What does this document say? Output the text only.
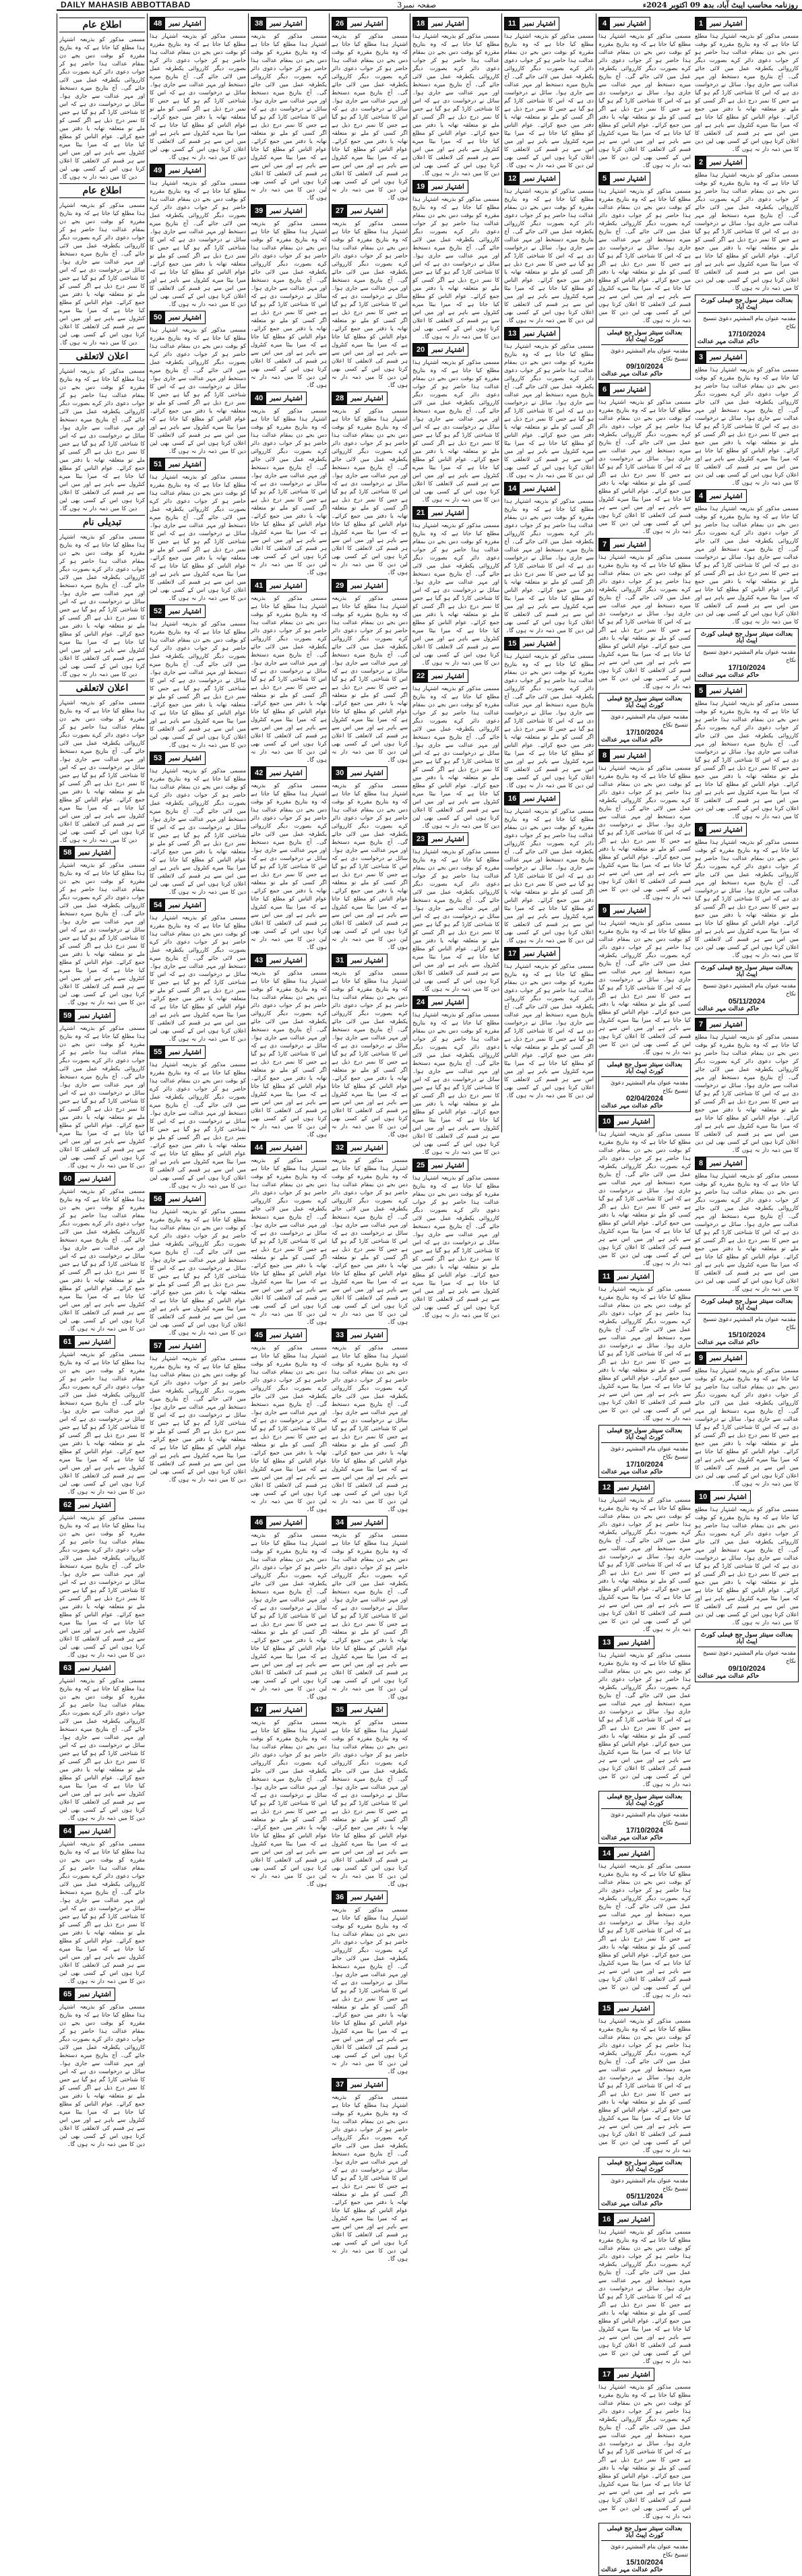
DAILY MAHASIB ABBOTTABAD	صفحہ نمبر3	روزنامہ محاسب ایبٹ آباد، بدھ 09 اکتوبر 2024ء
اشتہار نمبر
1
مسمی مذکور کو بذریعہ اشتہار ہذا مطلع کیا جاتا ہے کہ وہ بتاریخ مقررہ کو بوقت دس بجے دن بمقام عدالت ہذا حاضر ہو کر جواب دعوی دائر کرے بصورت دیگر کارروائی یکطرفہ عمل میں لائی جائے گی۔ آج بتاریخ میرے دستخط اور مہر عدالت سے جاری ہوا۔ سائل نے درخواست دی ہے کہ اس کا شناختی کارڈ گم ہو گیا ہے جس کا نمبر درج ذیل ہے اگر کسی کو ملے تو متعلقہ تھانہ یا دفتر میں جمع کرائے۔ عوام الناس کو مطلع کیا جاتا ہے کہ میرا بیٹا میرے کنٹرول سے باہر ہے اور میں اس سے ہر قسم کی لاتعلقی کا اعلان کرتا ہوں اس کے کسی بھی لین دین کا میں ذمہ دار نہ ہوں گا۔
اشتہار نمبر
2
مسمی مذکور کو بذریعہ اشتہار ہذا مطلع کیا جاتا ہے کہ وہ بتاریخ مقررہ کو بوقت دس بجے دن بمقام عدالت ہذا حاضر ہو کر جواب دعوی دائر کرے بصورت دیگر کارروائی یکطرفہ عمل میں لائی جائے گی۔ آج بتاریخ میرے دستخط اور مہر عدالت سے جاری ہوا۔ سائل نے درخواست دی ہے کہ اس کا شناختی کارڈ گم ہو گیا ہے جس کا نمبر درج ذیل ہے اگر کسی کو ملے تو متعلقہ تھانہ یا دفتر میں جمع کرائے۔ عوام الناس کو مطلع کیا جاتا ہے کہ میرا بیٹا میرے کنٹرول سے باہر ہے اور میں اس سے ہر قسم کی لاتعلقی کا اعلان کرتا ہوں اس کے کسی بھی لین دین کا میں ذمہ دار نہ ہوں گا۔
بعدالت سینئر سول جج فیملی کورٹ ایبٹ آباد
مقدمہ عنوان بنام المشتہر دعویٰ تنسیخ نکاح
17/10/2024
حاکم عدالت مہر عدالت
اشتہار نمبر
3
مسمی مذکور کو بذریعہ اشتہار ہذا مطلع کیا جاتا ہے کہ وہ بتاریخ مقررہ کو بوقت دس بجے دن بمقام عدالت ہذا حاضر ہو کر جواب دعوی دائر کرے بصورت دیگر کارروائی یکطرفہ عمل میں لائی جائے گی۔ آج بتاریخ میرے دستخط اور مہر عدالت سے جاری ہوا۔ سائل نے درخواست دی ہے کہ اس کا شناختی کارڈ گم ہو گیا ہے جس کا نمبر درج ذیل ہے اگر کسی کو ملے تو متعلقہ تھانہ یا دفتر میں جمع کرائے۔ عوام الناس کو مطلع کیا جاتا ہے کہ میرا بیٹا میرے کنٹرول سے باہر ہے اور میں اس سے ہر قسم کی لاتعلقی کا اعلان کرتا ہوں اس کے کسی بھی لین دین کا میں ذمہ دار نہ ہوں گا۔
اشتہار نمبر
4
مسمی مذکور کو بذریعہ اشتہار ہذا مطلع کیا جاتا ہے کہ وہ بتاریخ مقررہ کو بوقت دس بجے دن بمقام عدالت ہذا حاضر ہو کر جواب دعوی دائر کرے بصورت دیگر کارروائی یکطرفہ عمل میں لائی جائے گی۔ آج بتاریخ میرے دستخط اور مہر عدالت سے جاری ہوا۔ سائل نے درخواست دی ہے کہ اس کا شناختی کارڈ گم ہو گیا ہے جس کا نمبر درج ذیل ہے اگر کسی کو ملے تو متعلقہ تھانہ یا دفتر میں جمع کرائے۔ عوام الناس کو مطلع کیا جاتا ہے کہ میرا بیٹا میرے کنٹرول سے باہر ہے اور میں اس سے ہر قسم کی لاتعلقی کا اعلان کرتا ہوں اس کے کسی بھی لین دین کا میں ذمہ دار نہ ہوں گا۔
بعدالت سینئر سول جج فیملی کورٹ ایبٹ آباد
مقدمہ عنوان بنام المشتہر دعویٰ تنسیخ نکاح
17/10/2024
حاکم عدالت مہر عدالت
اشتہار نمبر
5
مسمی مذکور کو بذریعہ اشتہار ہذا مطلع کیا جاتا ہے کہ وہ بتاریخ مقررہ کو بوقت دس بجے دن بمقام عدالت ہذا حاضر ہو کر جواب دعوی دائر کرے بصورت دیگر کارروائی یکطرفہ عمل میں لائی جائے گی۔ آج بتاریخ میرے دستخط اور مہر عدالت سے جاری ہوا۔ سائل نے درخواست دی ہے کہ اس کا شناختی کارڈ گم ہو گیا ہے جس کا نمبر درج ذیل ہے اگر کسی کو ملے تو متعلقہ تھانہ یا دفتر میں جمع کرائے۔ عوام الناس کو مطلع کیا جاتا ہے کہ میرا بیٹا میرے کنٹرول سے باہر ہے اور میں اس سے ہر قسم کی لاتعلقی کا اعلان کرتا ہوں اس کے کسی بھی لین دین کا میں ذمہ دار نہ ہوں گا۔
اشتہار نمبر
6
مسمی مذکور کو بذریعہ اشتہار ہذا مطلع کیا جاتا ہے کہ وہ بتاریخ مقررہ کو بوقت دس بجے دن بمقام عدالت ہذا حاضر ہو کر جواب دعوی دائر کرے بصورت دیگر کارروائی یکطرفہ عمل میں لائی جائے گی۔ آج بتاریخ میرے دستخط اور مہر عدالت سے جاری ہوا۔ سائل نے درخواست دی ہے کہ اس کا شناختی کارڈ گم ہو گیا ہے جس کا نمبر درج ذیل ہے اگر کسی کو ملے تو متعلقہ تھانہ یا دفتر میں جمع کرائے۔ عوام الناس کو مطلع کیا جاتا ہے کہ میرا بیٹا میرے کنٹرول سے باہر ہے اور میں اس سے ہر قسم کی لاتعلقی کا اعلان کرتا ہوں اس کے کسی بھی لین دین کا میں ذمہ دار نہ ہوں گا۔
بعدالت سینئر سول جج فیملی کورٹ ایبٹ آباد
مقدمہ عنوان بنام المشتہر دعویٰ تنسیخ نکاح
05/11/2024
حاکم عدالت مہر عدالت
اشتہار نمبر
7
مسمی مذکور کو بذریعہ اشتہار ہذا مطلع کیا جاتا ہے کہ وہ بتاریخ مقررہ کو بوقت دس بجے دن بمقام عدالت ہذا حاضر ہو کر جواب دعوی دائر کرے بصورت دیگر کارروائی یکطرفہ عمل میں لائی جائے گی۔ آج بتاریخ میرے دستخط اور مہر عدالت سے جاری ہوا۔ سائل نے درخواست دی ہے کہ اس کا شناختی کارڈ گم ہو گیا ہے جس کا نمبر درج ذیل ہے اگر کسی کو ملے تو متعلقہ تھانہ یا دفتر میں جمع کرائے۔ عوام الناس کو مطلع کیا جاتا ہے کہ میرا بیٹا میرے کنٹرول سے باہر ہے اور میں اس سے ہر قسم کی لاتعلقی کا اعلان کرتا ہوں اس کے کسی بھی لین دین کا میں ذمہ دار نہ ہوں گا۔
اشتہار نمبر
8
مسمی مذکور کو بذریعہ اشتہار ہذا مطلع کیا جاتا ہے کہ وہ بتاریخ مقررہ کو بوقت دس بجے دن بمقام عدالت ہذا حاضر ہو کر جواب دعوی دائر کرے بصورت دیگر کارروائی یکطرفہ عمل میں لائی جائے گی۔ آج بتاریخ میرے دستخط اور مہر عدالت سے جاری ہوا۔ سائل نے درخواست دی ہے کہ اس کا شناختی کارڈ گم ہو گیا ہے جس کا نمبر درج ذیل ہے اگر کسی کو ملے تو متعلقہ تھانہ یا دفتر میں جمع کرائے۔ عوام الناس کو مطلع کیا جاتا ہے کہ میرا بیٹا میرے کنٹرول سے باہر ہے اور میں اس سے ہر قسم کی لاتعلقی کا اعلان کرتا ہوں اس کے کسی بھی لین دین کا میں ذمہ دار نہ ہوں گا۔
بعدالت سینئر سول جج فیملی کورٹ ایبٹ آباد
مقدمہ عنوان بنام المشتہر دعویٰ تنسیخ نکاح
15/10/2024
حاکم عدالت مہر عدالت
اشتہار نمبر
9
مسمی مذکور کو بذریعہ اشتہار ہذا مطلع کیا جاتا ہے کہ وہ بتاریخ مقررہ کو بوقت دس بجے دن بمقام عدالت ہذا حاضر ہو کر جواب دعوی دائر کرے بصورت دیگر کارروائی یکطرفہ عمل میں لائی جائے گی۔ آج بتاریخ میرے دستخط اور مہر عدالت سے جاری ہوا۔ سائل نے درخواست دی ہے کہ اس کا شناختی کارڈ گم ہو گیا ہے جس کا نمبر درج ذیل ہے اگر کسی کو ملے تو متعلقہ تھانہ یا دفتر میں جمع کرائے۔ عوام الناس کو مطلع کیا جاتا ہے کہ میرا بیٹا میرے کنٹرول سے باہر ہے اور میں اس سے ہر قسم کی لاتعلقی کا اعلان کرتا ہوں اس کے کسی بھی لین دین کا میں ذمہ دار نہ ہوں گا۔
اشتہار نمبر
10
مسمی مذکور کو بذریعہ اشتہار ہذا مطلع کیا جاتا ہے کہ وہ بتاریخ مقررہ کو بوقت دس بجے دن بمقام عدالت ہذا حاضر ہو کر جواب دعوی دائر کرے بصورت دیگر کارروائی یکطرفہ عمل میں لائی جائے گی۔ آج بتاریخ میرے دستخط اور مہر عدالت سے جاری ہوا۔ سائل نے درخواست دی ہے کہ اس کا شناختی کارڈ گم ہو گیا ہے جس کا نمبر درج ذیل ہے اگر کسی کو ملے تو متعلقہ تھانہ یا دفتر میں جمع کرائے۔ عوام الناس کو مطلع کیا جاتا ہے کہ میرا بیٹا میرے کنٹرول سے باہر ہے اور میں اس سے ہر قسم کی لاتعلقی کا اعلان کرتا ہوں اس کے کسی بھی لین دین کا میں ذمہ دار نہ ہوں گا۔
بعدالت سینئر سول جج فیملی کورٹ ایبٹ آباد
مقدمہ عنوان بنام المشتہر دعویٰ تنسیخ نکاح
09/10/2024
حاکم عدالت مہر عدالت
اشتہار نمبر
4
مسمی مذکور کو بذریعہ اشتہار ہذا مطلع کیا جاتا ہے کہ وہ بتاریخ مقررہ کو بوقت دس بجے دن بمقام عدالت ہذا حاضر ہو کر جواب دعوی دائر کرے بصورت دیگر کارروائی یکطرفہ عمل میں لائی جائے گی۔ آج بتاریخ میرے دستخط اور مہر عدالت سے جاری ہوا۔ سائل نے درخواست دی ہے کہ اس کا شناختی کارڈ گم ہو گیا ہے جس کا نمبر درج ذیل ہے اگر کسی کو ملے تو متعلقہ تھانہ یا دفتر میں جمع کرائے۔ عوام الناس کو مطلع کیا جاتا ہے کہ میرا بیٹا میرے کنٹرول سے باہر ہے اور میں اس سے ہر قسم کی لاتعلقی کا اعلان کرتا ہوں اس کے کسی بھی لین دین کا میں ذمہ دار نہ ہوں گا۔
اشتہار نمبر
5
مسمی مذکور کو بذریعہ اشتہار ہذا مطلع کیا جاتا ہے کہ وہ بتاریخ مقررہ کو بوقت دس بجے دن بمقام عدالت ہذا حاضر ہو کر جواب دعوی دائر کرے بصورت دیگر کارروائی یکطرفہ عمل میں لائی جائے گی۔ آج بتاریخ میرے دستخط اور مہر عدالت سے جاری ہوا۔ سائل نے درخواست دی ہے کہ اس کا شناختی کارڈ گم ہو گیا ہے جس کا نمبر درج ذیل ہے اگر کسی کو ملے تو متعلقہ تھانہ یا دفتر میں جمع کرائے۔ عوام الناس کو مطلع کیا جاتا ہے کہ میرا بیٹا میرے کنٹرول سے باہر ہے اور میں اس سے ہر قسم کی لاتعلقی کا اعلان کرتا ہوں اس کے کسی بھی لین دین کا میں ذمہ دار نہ ہوں گا۔
بعدالت سینئر سول جج فیملی کورٹ ایبٹ آباد
مقدمہ عنوان بنام المشتہر دعویٰ تنسیخ نکاح
09/10/2024
حاکم عدالت مہر عدالت
اشتہار نمبر
6
مسمی مذکور کو بذریعہ اشتہار ہذا مطلع کیا جاتا ہے کہ وہ بتاریخ مقررہ کو بوقت دس بجے دن بمقام عدالت ہذا حاضر ہو کر جواب دعوی دائر کرے بصورت دیگر کارروائی یکطرفہ عمل میں لائی جائے گی۔ آج بتاریخ میرے دستخط اور مہر عدالت سے جاری ہوا۔ سائل نے درخواست دی ہے کہ اس کا شناختی کارڈ گم ہو گیا ہے جس کا نمبر درج ذیل ہے اگر کسی کو ملے تو متعلقہ تھانہ یا دفتر میں جمع کرائے۔ عوام الناس کو مطلع کیا جاتا ہے کہ میرا بیٹا میرے کنٹرول سے باہر ہے اور میں اس سے ہر قسم کی لاتعلقی کا اعلان کرتا ہوں اس کے کسی بھی لین دین کا میں ذمہ دار نہ ہوں گا۔
اشتہار نمبر
7
مسمی مذکور کو بذریعہ اشتہار ہذا مطلع کیا جاتا ہے کہ وہ بتاریخ مقررہ کو بوقت دس بجے دن بمقام عدالت ہذا حاضر ہو کر جواب دعوی دائر کرے بصورت دیگر کارروائی یکطرفہ عمل میں لائی جائے گی۔ آج بتاریخ میرے دستخط اور مہر عدالت سے جاری ہوا۔ سائل نے درخواست دی ہے کہ اس کا شناختی کارڈ گم ہو گیا ہے جس کا نمبر درج ذیل ہے اگر کسی کو ملے تو متعلقہ تھانہ یا دفتر میں جمع کرائے۔ عوام الناس کو مطلع کیا جاتا ہے کہ میرا بیٹا میرے کنٹرول سے باہر ہے اور میں اس سے ہر قسم کی لاتعلقی کا اعلان کرتا ہوں اس کے کسی بھی لین دین کا میں ذمہ دار نہ ہوں گا۔
بعدالت سینئر سول جج فیملی کورٹ ایبٹ آباد
مقدمہ عنوان بنام المشتہر دعویٰ تنسیخ نکاح
17/10/2024
حاکم عدالت مہر عدالت
اشتہار نمبر
8
مسمی مذکور کو بذریعہ اشتہار ہذا مطلع کیا جاتا ہے کہ وہ بتاریخ مقررہ کو بوقت دس بجے دن بمقام عدالت ہذا حاضر ہو کر جواب دعوی دائر کرے بصورت دیگر کارروائی یکطرفہ عمل میں لائی جائے گی۔ آج بتاریخ میرے دستخط اور مہر عدالت سے جاری ہوا۔ سائل نے درخواست دی ہے کہ اس کا شناختی کارڈ گم ہو گیا ہے جس کا نمبر درج ذیل ہے اگر کسی کو ملے تو متعلقہ تھانہ یا دفتر میں جمع کرائے۔ عوام الناس کو مطلع کیا جاتا ہے کہ میرا بیٹا میرے کنٹرول سے باہر ہے اور میں اس سے ہر قسم کی لاتعلقی کا اعلان کرتا ہوں اس کے کسی بھی لین دین کا میں ذمہ دار نہ ہوں گا۔
اشتہار نمبر
9
مسمی مذکور کو بذریعہ اشتہار ہذا مطلع کیا جاتا ہے کہ وہ بتاریخ مقررہ کو بوقت دس بجے دن بمقام عدالت ہذا حاضر ہو کر جواب دعوی دائر کرے بصورت دیگر کارروائی یکطرفہ عمل میں لائی جائے گی۔ آج بتاریخ میرے دستخط اور مہر عدالت سے جاری ہوا۔ سائل نے درخواست دی ہے کہ اس کا شناختی کارڈ گم ہو گیا ہے جس کا نمبر درج ذیل ہے اگر کسی کو ملے تو متعلقہ تھانہ یا دفتر میں جمع کرائے۔ عوام الناس کو مطلع کیا جاتا ہے کہ میرا بیٹا میرے کنٹرول سے باہر ہے اور میں اس سے ہر قسم کی لاتعلقی کا اعلان کرتا ہوں اس کے کسی بھی لین دین کا میں ذمہ دار نہ ہوں گا۔
بعدالت سینئر سول جج فیملی کورٹ ایبٹ آباد
مقدمہ عنوان بنام المشتہر دعویٰ تنسیخ نکاح
02/04/2024
حاکم عدالت مہر عدالت
اشتہار نمبر
10
مسمی مذکور کو بذریعہ اشتہار ہذا مطلع کیا جاتا ہے کہ وہ بتاریخ مقررہ کو بوقت دس بجے دن بمقام عدالت ہذا حاضر ہو کر جواب دعوی دائر کرے بصورت دیگر کارروائی یکطرفہ عمل میں لائی جائے گی۔ آج بتاریخ میرے دستخط اور مہر عدالت سے جاری ہوا۔ سائل نے درخواست دی ہے کہ اس کا شناختی کارڈ گم ہو گیا ہے جس کا نمبر درج ذیل ہے اگر کسی کو ملے تو متعلقہ تھانہ یا دفتر میں جمع کرائے۔ عوام الناس کو مطلع کیا جاتا ہے کہ میرا بیٹا میرے کنٹرول سے باہر ہے اور میں اس سے ہر قسم کی لاتعلقی کا اعلان کرتا ہوں اس کے کسی بھی لین دین کا میں ذمہ دار نہ ہوں گا۔
اشتہار نمبر
11
مسمی مذکور کو بذریعہ اشتہار ہذا مطلع کیا جاتا ہے کہ وہ بتاریخ مقررہ کو بوقت دس بجے دن بمقام عدالت ہذا حاضر ہو کر جواب دعوی دائر کرے بصورت دیگر کارروائی یکطرفہ عمل میں لائی جائے گی۔ آج بتاریخ میرے دستخط اور مہر عدالت سے جاری ہوا۔ سائل نے درخواست دی ہے کہ اس کا شناختی کارڈ گم ہو گیا ہے جس کا نمبر درج ذیل ہے اگر کسی کو ملے تو متعلقہ تھانہ یا دفتر میں جمع کرائے۔ عوام الناس کو مطلع کیا جاتا ہے کہ میرا بیٹا میرے کنٹرول سے باہر ہے اور میں اس سے ہر قسم کی لاتعلقی کا اعلان کرتا ہوں اس کے کسی بھی لین دین کا میں ذمہ دار نہ ہوں گا۔
بعدالت سینئر سول جج فیملی کورٹ ایبٹ آباد
مقدمہ عنوان بنام المشتہر دعویٰ تنسیخ نکاح
17/10/2024
حاکم عدالت مہر عدالت
اشتہار نمبر
12
مسمی مذکور کو بذریعہ اشتہار ہذا مطلع کیا جاتا ہے کہ وہ بتاریخ مقررہ کو بوقت دس بجے دن بمقام عدالت ہذا حاضر ہو کر جواب دعوی دائر کرے بصورت دیگر کارروائی یکطرفہ عمل میں لائی جائے گی۔ آج بتاریخ میرے دستخط اور مہر عدالت سے جاری ہوا۔ سائل نے درخواست دی ہے کہ اس کا شناختی کارڈ گم ہو گیا ہے جس کا نمبر درج ذیل ہے اگر کسی کو ملے تو متعلقہ تھانہ یا دفتر میں جمع کرائے۔ عوام الناس کو مطلع کیا جاتا ہے کہ میرا بیٹا میرے کنٹرول سے باہر ہے اور میں اس سے ہر قسم کی لاتعلقی کا اعلان کرتا ہوں اس کے کسی بھی لین دین کا میں ذمہ دار نہ ہوں گا۔
اشتہار نمبر
13
مسمی مذکور کو بذریعہ اشتہار ہذا مطلع کیا جاتا ہے کہ وہ بتاریخ مقررہ کو بوقت دس بجے دن بمقام عدالت ہذا حاضر ہو کر جواب دعوی دائر کرے بصورت دیگر کارروائی یکطرفہ عمل میں لائی جائے گی۔ آج بتاریخ میرے دستخط اور مہر عدالت سے جاری ہوا۔ سائل نے درخواست دی ہے کہ اس کا شناختی کارڈ گم ہو گیا ہے جس کا نمبر درج ذیل ہے اگر کسی کو ملے تو متعلقہ تھانہ یا دفتر میں جمع کرائے۔ عوام الناس کو مطلع کیا جاتا ہے کہ میرا بیٹا میرے کنٹرول سے باہر ہے اور میں اس سے ہر قسم کی لاتعلقی کا اعلان کرتا ہوں اس کے کسی بھی لین دین کا میں ذمہ دار نہ ہوں گا۔
بعدالت سینئر سول جج فیملی کورٹ ایبٹ آباد
مقدمہ عنوان بنام المشتہر دعویٰ تنسیخ نکاح
17/10/2024
حاکم عدالت مہر عدالت
اشتہار نمبر
14
مسمی مذکور کو بذریعہ اشتہار ہذا مطلع کیا جاتا ہے کہ وہ بتاریخ مقررہ کو بوقت دس بجے دن بمقام عدالت ہذا حاضر ہو کر جواب دعوی دائر کرے بصورت دیگر کارروائی یکطرفہ عمل میں لائی جائے گی۔ آج بتاریخ میرے دستخط اور مہر عدالت سے جاری ہوا۔ سائل نے درخواست دی ہے کہ اس کا شناختی کارڈ گم ہو گیا ہے جس کا نمبر درج ذیل ہے اگر کسی کو ملے تو متعلقہ تھانہ یا دفتر میں جمع کرائے۔ عوام الناس کو مطلع کیا جاتا ہے کہ میرا بیٹا میرے کنٹرول سے باہر ہے اور میں اس سے ہر قسم کی لاتعلقی کا اعلان کرتا ہوں اس کے کسی بھی لین دین کا میں ذمہ دار نہ ہوں گا۔
اشتہار نمبر
15
مسمی مذکور کو بذریعہ اشتہار ہذا مطلع کیا جاتا ہے کہ وہ بتاریخ مقررہ کو بوقت دس بجے دن بمقام عدالت ہذا حاضر ہو کر جواب دعوی دائر کرے بصورت دیگر کارروائی یکطرفہ عمل میں لائی جائے گی۔ آج بتاریخ میرے دستخط اور مہر عدالت سے جاری ہوا۔ سائل نے درخواست دی ہے کہ اس کا شناختی کارڈ گم ہو گیا ہے جس کا نمبر درج ذیل ہے اگر کسی کو ملے تو متعلقہ تھانہ یا دفتر میں جمع کرائے۔ عوام الناس کو مطلع کیا جاتا ہے کہ میرا بیٹا میرے کنٹرول سے باہر ہے اور میں اس سے ہر قسم کی لاتعلقی کا اعلان کرتا ہوں اس کے کسی بھی لین دین کا میں ذمہ دار نہ ہوں گا۔
بعدالت سینئر سول جج فیملی کورٹ ایبٹ آباد
مقدمہ عنوان بنام المشتہر دعویٰ تنسیخ نکاح
05/11/2024
حاکم عدالت مہر عدالت
اشتہار نمبر
16
مسمی مذکور کو بذریعہ اشتہار ہذا مطلع کیا جاتا ہے کہ وہ بتاریخ مقررہ کو بوقت دس بجے دن بمقام عدالت ہذا حاضر ہو کر جواب دعوی دائر کرے بصورت دیگر کارروائی یکطرفہ عمل میں لائی جائے گی۔ آج بتاریخ میرے دستخط اور مہر عدالت سے جاری ہوا۔ سائل نے درخواست دی ہے کہ اس کا شناختی کارڈ گم ہو گیا ہے جس کا نمبر درج ذیل ہے اگر کسی کو ملے تو متعلقہ تھانہ یا دفتر میں جمع کرائے۔ عوام الناس کو مطلع کیا جاتا ہے کہ میرا بیٹا میرے کنٹرول سے باہر ہے اور میں اس سے ہر قسم کی لاتعلقی کا اعلان کرتا ہوں اس کے کسی بھی لین دین کا میں ذمہ دار نہ ہوں گا۔
اشتہار نمبر
17
مسمی مذکور کو بذریعہ اشتہار ہذا مطلع کیا جاتا ہے کہ وہ بتاریخ مقررہ کو بوقت دس بجے دن بمقام عدالت ہذا حاضر ہو کر جواب دعوی دائر کرے بصورت دیگر کارروائی یکطرفہ عمل میں لائی جائے گی۔ آج بتاریخ میرے دستخط اور مہر عدالت سے جاری ہوا۔ سائل نے درخواست دی ہے کہ اس کا شناختی کارڈ گم ہو گیا ہے جس کا نمبر درج ذیل ہے اگر کسی کو ملے تو متعلقہ تھانہ یا دفتر میں جمع کرائے۔ عوام الناس کو مطلع کیا جاتا ہے کہ میرا بیٹا میرے کنٹرول سے باہر ہے اور میں اس سے ہر قسم کی لاتعلقی کا اعلان کرتا ہوں اس کے کسی بھی لین دین کا میں ذمہ دار نہ ہوں گا۔
بعدالت سینئر سول جج فیملی کورٹ ایبٹ آباد
مقدمہ عنوان بنام المشتہر دعویٰ تنسیخ نکاح
15/10/2024
حاکم عدالت مہر عدالت
اشتہار نمبر
11
مسمی مذکور کو بذریعہ اشتہار ہذا مطلع کیا جاتا ہے کہ وہ بتاریخ مقررہ کو بوقت دس بجے دن بمقام عدالت ہذا حاضر ہو کر جواب دعوی دائر کرے بصورت دیگر کارروائی یکطرفہ عمل میں لائی جائے گی۔ آج بتاریخ میرے دستخط اور مہر عدالت سے جاری ہوا۔ سائل نے درخواست دی ہے کہ اس کا شناختی کارڈ گم ہو گیا ہے جس کا نمبر درج ذیل ہے اگر کسی کو ملے تو متعلقہ تھانہ یا دفتر میں جمع کرائے۔ عوام الناس کو مطلع کیا جاتا ہے کہ میرا بیٹا میرے کنٹرول سے باہر ہے اور میں اس سے ہر قسم کی لاتعلقی کا اعلان کرتا ہوں اس کے کسی بھی لین دین کا میں ذمہ دار نہ ہوں گا۔
اشتہار نمبر
12
مسمی مذکور کو بذریعہ اشتہار ہذا مطلع کیا جاتا ہے کہ وہ بتاریخ مقررہ کو بوقت دس بجے دن بمقام عدالت ہذا حاضر ہو کر جواب دعوی دائر کرے بصورت دیگر کارروائی یکطرفہ عمل میں لائی جائے گی۔ آج بتاریخ میرے دستخط اور مہر عدالت سے جاری ہوا۔ سائل نے درخواست دی ہے کہ اس کا شناختی کارڈ گم ہو گیا ہے جس کا نمبر درج ذیل ہے اگر کسی کو ملے تو متعلقہ تھانہ یا دفتر میں جمع کرائے۔ عوام الناس کو مطلع کیا جاتا ہے کہ میرا بیٹا میرے کنٹرول سے باہر ہے اور میں اس سے ہر قسم کی لاتعلقی کا اعلان کرتا ہوں اس کے کسی بھی لین دین کا میں ذمہ دار نہ ہوں گا۔
اشتہار نمبر
13
مسمی مذکور کو بذریعہ اشتہار ہذا مطلع کیا جاتا ہے کہ وہ بتاریخ مقررہ کو بوقت دس بجے دن بمقام عدالت ہذا حاضر ہو کر جواب دعوی دائر کرے بصورت دیگر کارروائی یکطرفہ عمل میں لائی جائے گی۔ آج بتاریخ میرے دستخط اور مہر عدالت سے جاری ہوا۔ سائل نے درخواست دی ہے کہ اس کا شناختی کارڈ گم ہو گیا ہے جس کا نمبر درج ذیل ہے اگر کسی کو ملے تو متعلقہ تھانہ یا دفتر میں جمع کرائے۔ عوام الناس کو مطلع کیا جاتا ہے کہ میرا بیٹا میرے کنٹرول سے باہر ہے اور میں اس سے ہر قسم کی لاتعلقی کا اعلان کرتا ہوں اس کے کسی بھی لین دین کا میں ذمہ دار نہ ہوں گا۔
اشتہار نمبر
14
مسمی مذکور کو بذریعہ اشتہار ہذا مطلع کیا جاتا ہے کہ وہ بتاریخ مقررہ کو بوقت دس بجے دن بمقام عدالت ہذا حاضر ہو کر جواب دعوی دائر کرے بصورت دیگر کارروائی یکطرفہ عمل میں لائی جائے گی۔ آج بتاریخ میرے دستخط اور مہر عدالت سے جاری ہوا۔ سائل نے درخواست دی ہے کہ اس کا شناختی کارڈ گم ہو گیا ہے جس کا نمبر درج ذیل ہے اگر کسی کو ملے تو متعلقہ تھانہ یا دفتر میں جمع کرائے۔ عوام الناس کو مطلع کیا جاتا ہے کہ میرا بیٹا میرے کنٹرول سے باہر ہے اور میں اس سے ہر قسم کی لاتعلقی کا اعلان کرتا ہوں اس کے کسی بھی لین دین کا میں ذمہ دار نہ ہوں گا۔
اشتہار نمبر
15
مسمی مذکور کو بذریعہ اشتہار ہذا مطلع کیا جاتا ہے کہ وہ بتاریخ مقررہ کو بوقت دس بجے دن بمقام عدالت ہذا حاضر ہو کر جواب دعوی دائر کرے بصورت دیگر کارروائی یکطرفہ عمل میں لائی جائے گی۔ آج بتاریخ میرے دستخط اور مہر عدالت سے جاری ہوا۔ سائل نے درخواست دی ہے کہ اس کا شناختی کارڈ گم ہو گیا ہے جس کا نمبر درج ذیل ہے اگر کسی کو ملے تو متعلقہ تھانہ یا دفتر میں جمع کرائے۔ عوام الناس کو مطلع کیا جاتا ہے کہ میرا بیٹا میرے کنٹرول سے باہر ہے اور میں اس سے ہر قسم کی لاتعلقی کا اعلان کرتا ہوں اس کے کسی بھی لین دین کا میں ذمہ دار نہ ہوں گا۔
اشتہار نمبر
16
مسمی مذکور کو بذریعہ اشتہار ہذا مطلع کیا جاتا ہے کہ وہ بتاریخ مقررہ کو بوقت دس بجے دن بمقام عدالت ہذا حاضر ہو کر جواب دعوی دائر کرے بصورت دیگر کارروائی یکطرفہ عمل میں لائی جائے گی۔ آج بتاریخ میرے دستخط اور مہر عدالت سے جاری ہوا۔ سائل نے درخواست دی ہے کہ اس کا شناختی کارڈ گم ہو گیا ہے جس کا نمبر درج ذیل ہے اگر کسی کو ملے تو متعلقہ تھانہ یا دفتر میں جمع کرائے۔ عوام الناس کو مطلع کیا جاتا ہے کہ میرا بیٹا میرے کنٹرول سے باہر ہے اور میں اس سے ہر قسم کی لاتعلقی کا اعلان کرتا ہوں اس کے کسی بھی لین دین کا میں ذمہ دار نہ ہوں گا۔
اشتہار نمبر
17
مسمی مذکور کو بذریعہ اشتہار ہذا مطلع کیا جاتا ہے کہ وہ بتاریخ مقررہ کو بوقت دس بجے دن بمقام عدالت ہذا حاضر ہو کر جواب دعوی دائر کرے بصورت دیگر کارروائی یکطرفہ عمل میں لائی جائے گی۔ آج بتاریخ میرے دستخط اور مہر عدالت سے جاری ہوا۔ سائل نے درخواست دی ہے کہ اس کا شناختی کارڈ گم ہو گیا ہے جس کا نمبر درج ذیل ہے اگر کسی کو ملے تو متعلقہ تھانہ یا دفتر میں جمع کرائے۔ عوام الناس کو مطلع کیا جاتا ہے کہ میرا بیٹا میرے کنٹرول سے باہر ہے اور میں اس سے ہر قسم کی لاتعلقی کا اعلان کرتا ہوں اس کے کسی بھی لین دین کا میں ذمہ دار نہ ہوں گا۔
اشتہار نمبر
18
مسمی مذکور کو بذریعہ اشتہار ہذا مطلع کیا جاتا ہے کہ وہ بتاریخ مقررہ کو بوقت دس بجے دن بمقام عدالت ہذا حاضر ہو کر جواب دعوی دائر کرے بصورت دیگر کارروائی یکطرفہ عمل میں لائی جائے گی۔ آج بتاریخ میرے دستخط اور مہر عدالت سے جاری ہوا۔ سائل نے درخواست دی ہے کہ اس کا شناختی کارڈ گم ہو گیا ہے جس کا نمبر درج ذیل ہے اگر کسی کو ملے تو متعلقہ تھانہ یا دفتر میں جمع کرائے۔ عوام الناس کو مطلع کیا جاتا ہے کہ میرا بیٹا میرے کنٹرول سے باہر ہے اور میں اس سے ہر قسم کی لاتعلقی کا اعلان کرتا ہوں اس کے کسی بھی لین دین کا میں ذمہ دار نہ ہوں گا۔
اشتہار نمبر
19
مسمی مذکور کو بذریعہ اشتہار ہذا مطلع کیا جاتا ہے کہ وہ بتاریخ مقررہ کو بوقت دس بجے دن بمقام عدالت ہذا حاضر ہو کر جواب دعوی دائر کرے بصورت دیگر کارروائی یکطرفہ عمل میں لائی جائے گی۔ آج بتاریخ میرے دستخط اور مہر عدالت سے جاری ہوا۔ سائل نے درخواست دی ہے کہ اس کا شناختی کارڈ گم ہو گیا ہے جس کا نمبر درج ذیل ہے اگر کسی کو ملے تو متعلقہ تھانہ یا دفتر میں جمع کرائے۔ عوام الناس کو مطلع کیا جاتا ہے کہ میرا بیٹا میرے کنٹرول سے باہر ہے اور میں اس سے ہر قسم کی لاتعلقی کا اعلان کرتا ہوں اس کے کسی بھی لین دین کا میں ذمہ دار نہ ہوں گا۔
اشتہار نمبر
20
مسمی مذکور کو بذریعہ اشتہار ہذا مطلع کیا جاتا ہے کہ وہ بتاریخ مقررہ کو بوقت دس بجے دن بمقام عدالت ہذا حاضر ہو کر جواب دعوی دائر کرے بصورت دیگر کارروائی یکطرفہ عمل میں لائی جائے گی۔ آج بتاریخ میرے دستخط اور مہر عدالت سے جاری ہوا۔ سائل نے درخواست دی ہے کہ اس کا شناختی کارڈ گم ہو گیا ہے جس کا نمبر درج ذیل ہے اگر کسی کو ملے تو متعلقہ تھانہ یا دفتر میں جمع کرائے۔ عوام الناس کو مطلع کیا جاتا ہے کہ میرا بیٹا میرے کنٹرول سے باہر ہے اور میں اس سے ہر قسم کی لاتعلقی کا اعلان کرتا ہوں اس کے کسی بھی لین دین کا میں ذمہ دار نہ ہوں گا۔
اشتہار نمبر
21
مسمی مذکور کو بذریعہ اشتہار ہذا مطلع کیا جاتا ہے کہ وہ بتاریخ مقررہ کو بوقت دس بجے دن بمقام عدالت ہذا حاضر ہو کر جواب دعوی دائر کرے بصورت دیگر کارروائی یکطرفہ عمل میں لائی جائے گی۔ آج بتاریخ میرے دستخط اور مہر عدالت سے جاری ہوا۔ سائل نے درخواست دی ہے کہ اس کا شناختی کارڈ گم ہو گیا ہے جس کا نمبر درج ذیل ہے اگر کسی کو ملے تو متعلقہ تھانہ یا دفتر میں جمع کرائے۔ عوام الناس کو مطلع کیا جاتا ہے کہ میرا بیٹا میرے کنٹرول سے باہر ہے اور میں اس سے ہر قسم کی لاتعلقی کا اعلان کرتا ہوں اس کے کسی بھی لین دین کا میں ذمہ دار نہ ہوں گا۔
اشتہار نمبر
22
مسمی مذکور کو بذریعہ اشتہار ہذا مطلع کیا جاتا ہے کہ وہ بتاریخ مقررہ کو بوقت دس بجے دن بمقام عدالت ہذا حاضر ہو کر جواب دعوی دائر کرے بصورت دیگر کارروائی یکطرفہ عمل میں لائی جائے گی۔ آج بتاریخ میرے دستخط اور مہر عدالت سے جاری ہوا۔ سائل نے درخواست دی ہے کہ اس کا شناختی کارڈ گم ہو گیا ہے جس کا نمبر درج ذیل ہے اگر کسی کو ملے تو متعلقہ تھانہ یا دفتر میں جمع کرائے۔ عوام الناس کو مطلع کیا جاتا ہے کہ میرا بیٹا میرے کنٹرول سے باہر ہے اور میں اس سے ہر قسم کی لاتعلقی کا اعلان کرتا ہوں اس کے کسی بھی لین دین کا میں ذمہ دار نہ ہوں گا۔
اشتہار نمبر
23
مسمی مذکور کو بذریعہ اشتہار ہذا مطلع کیا جاتا ہے کہ وہ بتاریخ مقررہ کو بوقت دس بجے دن بمقام عدالت ہذا حاضر ہو کر جواب دعوی دائر کرے بصورت دیگر کارروائی یکطرفہ عمل میں لائی جائے گی۔ آج بتاریخ میرے دستخط اور مہر عدالت سے جاری ہوا۔ سائل نے درخواست دی ہے کہ اس کا شناختی کارڈ گم ہو گیا ہے جس کا نمبر درج ذیل ہے اگر کسی کو ملے تو متعلقہ تھانہ یا دفتر میں جمع کرائے۔ عوام الناس کو مطلع کیا جاتا ہے کہ میرا بیٹا میرے کنٹرول سے باہر ہے اور میں اس سے ہر قسم کی لاتعلقی کا اعلان کرتا ہوں اس کے کسی بھی لین دین کا میں ذمہ دار نہ ہوں گا۔
اشتہار نمبر
24
مسمی مذکور کو بذریعہ اشتہار ہذا مطلع کیا جاتا ہے کہ وہ بتاریخ مقررہ کو بوقت دس بجے دن بمقام عدالت ہذا حاضر ہو کر جواب دعوی دائر کرے بصورت دیگر کارروائی یکطرفہ عمل میں لائی جائے گی۔ آج بتاریخ میرے دستخط اور مہر عدالت سے جاری ہوا۔ سائل نے درخواست دی ہے کہ اس کا شناختی کارڈ گم ہو گیا ہے جس کا نمبر درج ذیل ہے اگر کسی کو ملے تو متعلقہ تھانہ یا دفتر میں جمع کرائے۔ عوام الناس کو مطلع کیا جاتا ہے کہ میرا بیٹا میرے کنٹرول سے باہر ہے اور میں اس سے ہر قسم کی لاتعلقی کا اعلان کرتا ہوں اس کے کسی بھی لین دین کا میں ذمہ دار نہ ہوں گا۔
اشتہار نمبر
25
مسمی مذکور کو بذریعہ اشتہار ہذا مطلع کیا جاتا ہے کہ وہ بتاریخ مقررہ کو بوقت دس بجے دن بمقام عدالت ہذا حاضر ہو کر جواب دعوی دائر کرے بصورت دیگر کارروائی یکطرفہ عمل میں لائی جائے گی۔ آج بتاریخ میرے دستخط اور مہر عدالت سے جاری ہوا۔ سائل نے درخواست دی ہے کہ اس کا شناختی کارڈ گم ہو گیا ہے جس کا نمبر درج ذیل ہے اگر کسی کو ملے تو متعلقہ تھانہ یا دفتر میں جمع کرائے۔ عوام الناس کو مطلع کیا جاتا ہے کہ میرا بیٹا میرے کنٹرول سے باہر ہے اور میں اس سے ہر قسم کی لاتعلقی کا اعلان کرتا ہوں اس کے کسی بھی لین دین کا میں ذمہ دار نہ ہوں گا۔
اشتہار نمبر
26
مسمی مذکور کو بذریعہ اشتہار ہذا مطلع کیا جاتا ہے کہ وہ بتاریخ مقررہ کو بوقت دس بجے دن بمقام عدالت ہذا حاضر ہو کر جواب دعوی دائر کرے بصورت دیگر کارروائی یکطرفہ عمل میں لائی جائے گی۔ آج بتاریخ میرے دستخط اور مہر عدالت سے جاری ہوا۔ سائل نے درخواست دی ہے کہ اس کا شناختی کارڈ گم ہو گیا ہے جس کا نمبر درج ذیل ہے اگر کسی کو ملے تو متعلقہ تھانہ یا دفتر میں جمع کرائے۔ عوام الناس کو مطلع کیا جاتا ہے کہ میرا بیٹا میرے کنٹرول سے باہر ہے اور میں اس سے ہر قسم کی لاتعلقی کا اعلان کرتا ہوں اس کے کسی بھی لین دین کا میں ذمہ دار نہ ہوں گا۔
اشتہار نمبر
27
مسمی مذکور کو بذریعہ اشتہار ہذا مطلع کیا جاتا ہے کہ وہ بتاریخ مقررہ کو بوقت دس بجے دن بمقام عدالت ہذا حاضر ہو کر جواب دعوی دائر کرے بصورت دیگر کارروائی یکطرفہ عمل میں لائی جائے گی۔ آج بتاریخ میرے دستخط اور مہر عدالت سے جاری ہوا۔ سائل نے درخواست دی ہے کہ اس کا شناختی کارڈ گم ہو گیا ہے جس کا نمبر درج ذیل ہے اگر کسی کو ملے تو متعلقہ تھانہ یا دفتر میں جمع کرائے۔ عوام الناس کو مطلع کیا جاتا ہے کہ میرا بیٹا میرے کنٹرول سے باہر ہے اور میں اس سے ہر قسم کی لاتعلقی کا اعلان کرتا ہوں اس کے کسی بھی لین دین کا میں ذمہ دار نہ ہوں گا۔
اشتہار نمبر
28
مسمی مذکور کو بذریعہ اشتہار ہذا مطلع کیا جاتا ہے کہ وہ بتاریخ مقررہ کو بوقت دس بجے دن بمقام عدالت ہذا حاضر ہو کر جواب دعوی دائر کرے بصورت دیگر کارروائی یکطرفہ عمل میں لائی جائے گی۔ آج بتاریخ میرے دستخط اور مہر عدالت سے جاری ہوا۔ سائل نے درخواست دی ہے کہ اس کا شناختی کارڈ گم ہو گیا ہے جس کا نمبر درج ذیل ہے اگر کسی کو ملے تو متعلقہ تھانہ یا دفتر میں جمع کرائے۔ عوام الناس کو مطلع کیا جاتا ہے کہ میرا بیٹا میرے کنٹرول سے باہر ہے اور میں اس سے ہر قسم کی لاتعلقی کا اعلان کرتا ہوں اس کے کسی بھی لین دین کا میں ذمہ دار نہ ہوں گا۔
اشتہار نمبر
29
مسمی مذکور کو بذریعہ اشتہار ہذا مطلع کیا جاتا ہے کہ وہ بتاریخ مقررہ کو بوقت دس بجے دن بمقام عدالت ہذا حاضر ہو کر جواب دعوی دائر کرے بصورت دیگر کارروائی یکطرفہ عمل میں لائی جائے گی۔ آج بتاریخ میرے دستخط اور مہر عدالت سے جاری ہوا۔ سائل نے درخواست دی ہے کہ اس کا شناختی کارڈ گم ہو گیا ہے جس کا نمبر درج ذیل ہے اگر کسی کو ملے تو متعلقہ تھانہ یا دفتر میں جمع کرائے۔ عوام الناس کو مطلع کیا جاتا ہے کہ میرا بیٹا میرے کنٹرول سے باہر ہے اور میں اس سے ہر قسم کی لاتعلقی کا اعلان کرتا ہوں اس کے کسی بھی لین دین کا میں ذمہ دار نہ ہوں گا۔
اشتہار نمبر
30
مسمی مذکور کو بذریعہ اشتہار ہذا مطلع کیا جاتا ہے کہ وہ بتاریخ مقررہ کو بوقت دس بجے دن بمقام عدالت ہذا حاضر ہو کر جواب دعوی دائر کرے بصورت دیگر کارروائی یکطرفہ عمل میں لائی جائے گی۔ آج بتاریخ میرے دستخط اور مہر عدالت سے جاری ہوا۔ سائل نے درخواست دی ہے کہ اس کا شناختی کارڈ گم ہو گیا ہے جس کا نمبر درج ذیل ہے اگر کسی کو ملے تو متعلقہ تھانہ یا دفتر میں جمع کرائے۔ عوام الناس کو مطلع کیا جاتا ہے کہ میرا بیٹا میرے کنٹرول سے باہر ہے اور میں اس سے ہر قسم کی لاتعلقی کا اعلان کرتا ہوں اس کے کسی بھی لین دین کا میں ذمہ دار نہ ہوں گا۔
اشتہار نمبر
31
مسمی مذکور کو بذریعہ اشتہار ہذا مطلع کیا جاتا ہے کہ وہ بتاریخ مقررہ کو بوقت دس بجے دن بمقام عدالت ہذا حاضر ہو کر جواب دعوی دائر کرے بصورت دیگر کارروائی یکطرفہ عمل میں لائی جائے گی۔ آج بتاریخ میرے دستخط اور مہر عدالت سے جاری ہوا۔ سائل نے درخواست دی ہے کہ اس کا شناختی کارڈ گم ہو گیا ہے جس کا نمبر درج ذیل ہے اگر کسی کو ملے تو متعلقہ تھانہ یا دفتر میں جمع کرائے۔ عوام الناس کو مطلع کیا جاتا ہے کہ میرا بیٹا میرے کنٹرول سے باہر ہے اور میں اس سے ہر قسم کی لاتعلقی کا اعلان کرتا ہوں اس کے کسی بھی لین دین کا میں ذمہ دار نہ ہوں گا۔
اشتہار نمبر
32
مسمی مذکور کو بذریعہ اشتہار ہذا مطلع کیا جاتا ہے کہ وہ بتاریخ مقررہ کو بوقت دس بجے دن بمقام عدالت ہذا حاضر ہو کر جواب دعوی دائر کرے بصورت دیگر کارروائی یکطرفہ عمل میں لائی جائے گی۔ آج بتاریخ میرے دستخط اور مہر عدالت سے جاری ہوا۔ سائل نے درخواست دی ہے کہ اس کا شناختی کارڈ گم ہو گیا ہے جس کا نمبر درج ذیل ہے اگر کسی کو ملے تو متعلقہ تھانہ یا دفتر میں جمع کرائے۔ عوام الناس کو مطلع کیا جاتا ہے کہ میرا بیٹا میرے کنٹرول سے باہر ہے اور میں اس سے ہر قسم کی لاتعلقی کا اعلان کرتا ہوں اس کے کسی بھی لین دین کا میں ذمہ دار نہ ہوں گا۔
اشتہار نمبر
33
مسمی مذکور کو بذریعہ اشتہار ہذا مطلع کیا جاتا ہے کہ وہ بتاریخ مقررہ کو بوقت دس بجے دن بمقام عدالت ہذا حاضر ہو کر جواب دعوی دائر کرے بصورت دیگر کارروائی یکطرفہ عمل میں لائی جائے گی۔ آج بتاریخ میرے دستخط اور مہر عدالت سے جاری ہوا۔ سائل نے درخواست دی ہے کہ اس کا شناختی کارڈ گم ہو گیا ہے جس کا نمبر درج ذیل ہے اگر کسی کو ملے تو متعلقہ تھانہ یا دفتر میں جمع کرائے۔ عوام الناس کو مطلع کیا جاتا ہے کہ میرا بیٹا میرے کنٹرول سے باہر ہے اور میں اس سے ہر قسم کی لاتعلقی کا اعلان کرتا ہوں اس کے کسی بھی لین دین کا میں ذمہ دار نہ ہوں گا۔
اشتہار نمبر
34
مسمی مذکور کو بذریعہ اشتہار ہذا مطلع کیا جاتا ہے کہ وہ بتاریخ مقررہ کو بوقت دس بجے دن بمقام عدالت ہذا حاضر ہو کر جواب دعوی دائر کرے بصورت دیگر کارروائی یکطرفہ عمل میں لائی جائے گی۔ آج بتاریخ میرے دستخط اور مہر عدالت سے جاری ہوا۔ سائل نے درخواست دی ہے کہ اس کا شناختی کارڈ گم ہو گیا ہے جس کا نمبر درج ذیل ہے اگر کسی کو ملے تو متعلقہ تھانہ یا دفتر میں جمع کرائے۔ عوام الناس کو مطلع کیا جاتا ہے کہ میرا بیٹا میرے کنٹرول سے باہر ہے اور میں اس سے ہر قسم کی لاتعلقی کا اعلان کرتا ہوں اس کے کسی بھی لین دین کا میں ذمہ دار نہ ہوں گا۔
اشتہار نمبر
35
مسمی مذکور کو بذریعہ اشتہار ہذا مطلع کیا جاتا ہے کہ وہ بتاریخ مقررہ کو بوقت دس بجے دن بمقام عدالت ہذا حاضر ہو کر جواب دعوی دائر کرے بصورت دیگر کارروائی یکطرفہ عمل میں لائی جائے گی۔ آج بتاریخ میرے دستخط اور مہر عدالت سے جاری ہوا۔ سائل نے درخواست دی ہے کہ اس کا شناختی کارڈ گم ہو گیا ہے جس کا نمبر درج ذیل ہے اگر کسی کو ملے تو متعلقہ تھانہ یا دفتر میں جمع کرائے۔ عوام الناس کو مطلع کیا جاتا ہے کہ میرا بیٹا میرے کنٹرول سے باہر ہے اور میں اس سے ہر قسم کی لاتعلقی کا اعلان کرتا ہوں اس کے کسی بھی لین دین کا میں ذمہ دار نہ ہوں گا۔
اشتہار نمبر
36
مسمی مذکور کو بذریعہ اشتہار ہذا مطلع کیا جاتا ہے کہ وہ بتاریخ مقررہ کو بوقت دس بجے دن بمقام عدالت ہذا حاضر ہو کر جواب دعوی دائر کرے بصورت دیگر کارروائی یکطرفہ عمل میں لائی جائے گی۔ آج بتاریخ میرے دستخط اور مہر عدالت سے جاری ہوا۔ سائل نے درخواست دی ہے کہ اس کا شناختی کارڈ گم ہو گیا ہے جس کا نمبر درج ذیل ہے اگر کسی کو ملے تو متعلقہ تھانہ یا دفتر میں جمع کرائے۔ عوام الناس کو مطلع کیا جاتا ہے کہ میرا بیٹا میرے کنٹرول سے باہر ہے اور میں اس سے ہر قسم کی لاتعلقی کا اعلان کرتا ہوں اس کے کسی بھی لین دین کا میں ذمہ دار نہ ہوں گا۔
اشتہار نمبر
37
مسمی مذکور کو بذریعہ اشتہار ہذا مطلع کیا جاتا ہے کہ وہ بتاریخ مقررہ کو بوقت دس بجے دن بمقام عدالت ہذا حاضر ہو کر جواب دعوی دائر کرے بصورت دیگر کارروائی یکطرفہ عمل میں لائی جائے گی۔ آج بتاریخ میرے دستخط اور مہر عدالت سے جاری ہوا۔ سائل نے درخواست دی ہے کہ اس کا شناختی کارڈ گم ہو گیا ہے جس کا نمبر درج ذیل ہے اگر کسی کو ملے تو متعلقہ تھانہ یا دفتر میں جمع کرائے۔ عوام الناس کو مطلع کیا جاتا ہے کہ میرا بیٹا میرے کنٹرول سے باہر ہے اور میں اس سے ہر قسم کی لاتعلقی کا اعلان کرتا ہوں اس کے کسی بھی لین دین کا میں ذمہ دار نہ ہوں گا۔
اشتہار نمبر
38
مسمی مذکور کو بذریعہ اشتہار ہذا مطلع کیا جاتا ہے کہ وہ بتاریخ مقررہ کو بوقت دس بجے دن بمقام عدالت ہذا حاضر ہو کر جواب دعوی دائر کرے بصورت دیگر کارروائی یکطرفہ عمل میں لائی جائے گی۔ آج بتاریخ میرے دستخط اور مہر عدالت سے جاری ہوا۔ سائل نے درخواست دی ہے کہ اس کا شناختی کارڈ گم ہو گیا ہے جس کا نمبر درج ذیل ہے اگر کسی کو ملے تو متعلقہ تھانہ یا دفتر میں جمع کرائے۔ عوام الناس کو مطلع کیا جاتا ہے کہ میرا بیٹا میرے کنٹرول سے باہر ہے اور میں اس سے ہر قسم کی لاتعلقی کا اعلان کرتا ہوں اس کے کسی بھی لین دین کا میں ذمہ دار نہ ہوں گا۔
اشتہار نمبر
39
مسمی مذکور کو بذریعہ اشتہار ہذا مطلع کیا جاتا ہے کہ وہ بتاریخ مقررہ کو بوقت دس بجے دن بمقام عدالت ہذا حاضر ہو کر جواب دعوی دائر کرے بصورت دیگر کارروائی یکطرفہ عمل میں لائی جائے گی۔ آج بتاریخ میرے دستخط اور مہر عدالت سے جاری ہوا۔ سائل نے درخواست دی ہے کہ اس کا شناختی کارڈ گم ہو گیا ہے جس کا نمبر درج ذیل ہے اگر کسی کو ملے تو متعلقہ تھانہ یا دفتر میں جمع کرائے۔ عوام الناس کو مطلع کیا جاتا ہے کہ میرا بیٹا میرے کنٹرول سے باہر ہے اور میں اس سے ہر قسم کی لاتعلقی کا اعلان کرتا ہوں اس کے کسی بھی لین دین کا میں ذمہ دار نہ ہوں گا۔
اشتہار نمبر
40
مسمی مذکور کو بذریعہ اشتہار ہذا مطلع کیا جاتا ہے کہ وہ بتاریخ مقررہ کو بوقت دس بجے دن بمقام عدالت ہذا حاضر ہو کر جواب دعوی دائر کرے بصورت دیگر کارروائی یکطرفہ عمل میں لائی جائے گی۔ آج بتاریخ میرے دستخط اور مہر عدالت سے جاری ہوا۔ سائل نے درخواست دی ہے کہ اس کا شناختی کارڈ گم ہو گیا ہے جس کا نمبر درج ذیل ہے اگر کسی کو ملے تو متعلقہ تھانہ یا دفتر میں جمع کرائے۔ عوام الناس کو مطلع کیا جاتا ہے کہ میرا بیٹا میرے کنٹرول سے باہر ہے اور میں اس سے ہر قسم کی لاتعلقی کا اعلان کرتا ہوں اس کے کسی بھی لین دین کا میں ذمہ دار نہ ہوں گا۔
اشتہار نمبر
41
مسمی مذکور کو بذریعہ اشتہار ہذا مطلع کیا جاتا ہے کہ وہ بتاریخ مقررہ کو بوقت دس بجے دن بمقام عدالت ہذا حاضر ہو کر جواب دعوی دائر کرے بصورت دیگر کارروائی یکطرفہ عمل میں لائی جائے گی۔ آج بتاریخ میرے دستخط اور مہر عدالت سے جاری ہوا۔ سائل نے درخواست دی ہے کہ اس کا شناختی کارڈ گم ہو گیا ہے جس کا نمبر درج ذیل ہے اگر کسی کو ملے تو متعلقہ تھانہ یا دفتر میں جمع کرائے۔ عوام الناس کو مطلع کیا جاتا ہے کہ میرا بیٹا میرے کنٹرول سے باہر ہے اور میں اس سے ہر قسم کی لاتعلقی کا اعلان کرتا ہوں اس کے کسی بھی لین دین کا میں ذمہ دار نہ ہوں گا۔
اشتہار نمبر
42
مسمی مذکور کو بذریعہ اشتہار ہذا مطلع کیا جاتا ہے کہ وہ بتاریخ مقررہ کو بوقت دس بجے دن بمقام عدالت ہذا حاضر ہو کر جواب دعوی دائر کرے بصورت دیگر کارروائی یکطرفہ عمل میں لائی جائے گی۔ آج بتاریخ میرے دستخط اور مہر عدالت سے جاری ہوا۔ سائل نے درخواست دی ہے کہ اس کا شناختی کارڈ گم ہو گیا ہے جس کا نمبر درج ذیل ہے اگر کسی کو ملے تو متعلقہ تھانہ یا دفتر میں جمع کرائے۔ عوام الناس کو مطلع کیا جاتا ہے کہ میرا بیٹا میرے کنٹرول سے باہر ہے اور میں اس سے ہر قسم کی لاتعلقی کا اعلان کرتا ہوں اس کے کسی بھی لین دین کا میں ذمہ دار نہ ہوں گا۔
اشتہار نمبر
43
مسمی مذکور کو بذریعہ اشتہار ہذا مطلع کیا جاتا ہے کہ وہ بتاریخ مقررہ کو بوقت دس بجے دن بمقام عدالت ہذا حاضر ہو کر جواب دعوی دائر کرے بصورت دیگر کارروائی یکطرفہ عمل میں لائی جائے گی۔ آج بتاریخ میرے دستخط اور مہر عدالت سے جاری ہوا۔ سائل نے درخواست دی ہے کہ اس کا شناختی کارڈ گم ہو گیا ہے جس کا نمبر درج ذیل ہے اگر کسی کو ملے تو متعلقہ تھانہ یا دفتر میں جمع کرائے۔ عوام الناس کو مطلع کیا جاتا ہے کہ میرا بیٹا میرے کنٹرول سے باہر ہے اور میں اس سے ہر قسم کی لاتعلقی کا اعلان کرتا ہوں اس کے کسی بھی لین دین کا میں ذمہ دار نہ ہوں گا۔
اشتہار نمبر
44
مسمی مذکور کو بذریعہ اشتہار ہذا مطلع کیا جاتا ہے کہ وہ بتاریخ مقررہ کو بوقت دس بجے دن بمقام عدالت ہذا حاضر ہو کر جواب دعوی دائر کرے بصورت دیگر کارروائی یکطرفہ عمل میں لائی جائے گی۔ آج بتاریخ میرے دستخط اور مہر عدالت سے جاری ہوا۔ سائل نے درخواست دی ہے کہ اس کا شناختی کارڈ گم ہو گیا ہے جس کا نمبر درج ذیل ہے اگر کسی کو ملے تو متعلقہ تھانہ یا دفتر میں جمع کرائے۔ عوام الناس کو مطلع کیا جاتا ہے کہ میرا بیٹا میرے کنٹرول سے باہر ہے اور میں اس سے ہر قسم کی لاتعلقی کا اعلان کرتا ہوں اس کے کسی بھی لین دین کا میں ذمہ دار نہ ہوں گا۔
اشتہار نمبر
45
مسمی مذکور کو بذریعہ اشتہار ہذا مطلع کیا جاتا ہے کہ وہ بتاریخ مقررہ کو بوقت دس بجے دن بمقام عدالت ہذا حاضر ہو کر جواب دعوی دائر کرے بصورت دیگر کارروائی یکطرفہ عمل میں لائی جائے گی۔ آج بتاریخ میرے دستخط اور مہر عدالت سے جاری ہوا۔ سائل نے درخواست دی ہے کہ اس کا شناختی کارڈ گم ہو گیا ہے جس کا نمبر درج ذیل ہے اگر کسی کو ملے تو متعلقہ تھانہ یا دفتر میں جمع کرائے۔ عوام الناس کو مطلع کیا جاتا ہے کہ میرا بیٹا میرے کنٹرول سے باہر ہے اور میں اس سے ہر قسم کی لاتعلقی کا اعلان کرتا ہوں اس کے کسی بھی لین دین کا میں ذمہ دار نہ ہوں گا۔
اشتہار نمبر
46
مسمی مذکور کو بذریعہ اشتہار ہذا مطلع کیا جاتا ہے کہ وہ بتاریخ مقررہ کو بوقت دس بجے دن بمقام عدالت ہذا حاضر ہو کر جواب دعوی دائر کرے بصورت دیگر کارروائی یکطرفہ عمل میں لائی جائے گی۔ آج بتاریخ میرے دستخط اور مہر عدالت سے جاری ہوا۔ سائل نے درخواست دی ہے کہ اس کا شناختی کارڈ گم ہو گیا ہے جس کا نمبر درج ذیل ہے اگر کسی کو ملے تو متعلقہ تھانہ یا دفتر میں جمع کرائے۔ عوام الناس کو مطلع کیا جاتا ہے کہ میرا بیٹا میرے کنٹرول سے باہر ہے اور میں اس سے ہر قسم کی لاتعلقی کا اعلان کرتا ہوں اس کے کسی بھی لین دین کا میں ذمہ دار نہ ہوں گا۔
اشتہار نمبر
47
مسمی مذکور کو بذریعہ اشتہار ہذا مطلع کیا جاتا ہے کہ وہ بتاریخ مقررہ کو بوقت دس بجے دن بمقام عدالت ہذا حاضر ہو کر جواب دعوی دائر کرے بصورت دیگر کارروائی یکطرفہ عمل میں لائی جائے گی۔ آج بتاریخ میرے دستخط اور مہر عدالت سے جاری ہوا۔ سائل نے درخواست دی ہے کہ اس کا شناختی کارڈ گم ہو گیا ہے جس کا نمبر درج ذیل ہے اگر کسی کو ملے تو متعلقہ تھانہ یا دفتر میں جمع کرائے۔ عوام الناس کو مطلع کیا جاتا ہے کہ میرا بیٹا میرے کنٹرول سے باہر ہے اور میں اس سے ہر قسم کی لاتعلقی کا اعلان کرتا ہوں اس کے کسی بھی لین دین کا میں ذمہ دار نہ ہوں گا۔
اشتہار نمبر
48
مسمی مذکور کو بذریعہ اشتہار ہذا مطلع کیا جاتا ہے کہ وہ بتاریخ مقررہ کو بوقت دس بجے دن بمقام عدالت ہذا حاضر ہو کر جواب دعوی دائر کرے بصورت دیگر کارروائی یکطرفہ عمل میں لائی جائے گی۔ آج بتاریخ میرے دستخط اور مہر عدالت سے جاری ہوا۔ سائل نے درخواست دی ہے کہ اس کا شناختی کارڈ گم ہو گیا ہے جس کا نمبر درج ذیل ہے اگر کسی کو ملے تو متعلقہ تھانہ یا دفتر میں جمع کرائے۔ عوام الناس کو مطلع کیا جاتا ہے کہ میرا بیٹا میرے کنٹرول سے باہر ہے اور میں اس سے ہر قسم کی لاتعلقی کا اعلان کرتا ہوں اس کے کسی بھی لین دین کا میں ذمہ دار نہ ہوں گا۔
اشتہار نمبر
49
مسمی مذکور کو بذریعہ اشتہار ہذا مطلع کیا جاتا ہے کہ وہ بتاریخ مقررہ کو بوقت دس بجے دن بمقام عدالت ہذا حاضر ہو کر جواب دعوی دائر کرے بصورت دیگر کارروائی یکطرفہ عمل میں لائی جائے گی۔ آج بتاریخ میرے دستخط اور مہر عدالت سے جاری ہوا۔ سائل نے درخواست دی ہے کہ اس کا شناختی کارڈ گم ہو گیا ہے جس کا نمبر درج ذیل ہے اگر کسی کو ملے تو متعلقہ تھانہ یا دفتر میں جمع کرائے۔ عوام الناس کو مطلع کیا جاتا ہے کہ میرا بیٹا میرے کنٹرول سے باہر ہے اور میں اس سے ہر قسم کی لاتعلقی کا اعلان کرتا ہوں اس کے کسی بھی لین دین کا میں ذمہ دار نہ ہوں گا۔
اشتہار نمبر
50
مسمی مذکور کو بذریعہ اشتہار ہذا مطلع کیا جاتا ہے کہ وہ بتاریخ مقررہ کو بوقت دس بجے دن بمقام عدالت ہذا حاضر ہو کر جواب دعوی دائر کرے بصورت دیگر کارروائی یکطرفہ عمل میں لائی جائے گی۔ آج بتاریخ میرے دستخط اور مہر عدالت سے جاری ہوا۔ سائل نے درخواست دی ہے کہ اس کا شناختی کارڈ گم ہو گیا ہے جس کا نمبر درج ذیل ہے اگر کسی کو ملے تو متعلقہ تھانہ یا دفتر میں جمع کرائے۔ عوام الناس کو مطلع کیا جاتا ہے کہ میرا بیٹا میرے کنٹرول سے باہر ہے اور میں اس سے ہر قسم کی لاتعلقی کا اعلان کرتا ہوں اس کے کسی بھی لین دین کا میں ذمہ دار نہ ہوں گا۔
اشتہار نمبر
51
مسمی مذکور کو بذریعہ اشتہار ہذا مطلع کیا جاتا ہے کہ وہ بتاریخ مقررہ کو بوقت دس بجے دن بمقام عدالت ہذا حاضر ہو کر جواب دعوی دائر کرے بصورت دیگر کارروائی یکطرفہ عمل میں لائی جائے گی۔ آج بتاریخ میرے دستخط اور مہر عدالت سے جاری ہوا۔ سائل نے درخواست دی ہے کہ اس کا شناختی کارڈ گم ہو گیا ہے جس کا نمبر درج ذیل ہے اگر کسی کو ملے تو متعلقہ تھانہ یا دفتر میں جمع کرائے۔ عوام الناس کو مطلع کیا جاتا ہے کہ میرا بیٹا میرے کنٹرول سے باہر ہے اور میں اس سے ہر قسم کی لاتعلقی کا اعلان کرتا ہوں اس کے کسی بھی لین دین کا میں ذمہ دار نہ ہوں گا۔
اشتہار نمبر
52
مسمی مذکور کو بذریعہ اشتہار ہذا مطلع کیا جاتا ہے کہ وہ بتاریخ مقررہ کو بوقت دس بجے دن بمقام عدالت ہذا حاضر ہو کر جواب دعوی دائر کرے بصورت دیگر کارروائی یکطرفہ عمل میں لائی جائے گی۔ آج بتاریخ میرے دستخط اور مہر عدالت سے جاری ہوا۔ سائل نے درخواست دی ہے کہ اس کا شناختی کارڈ گم ہو گیا ہے جس کا نمبر درج ذیل ہے اگر کسی کو ملے تو متعلقہ تھانہ یا دفتر میں جمع کرائے۔ عوام الناس کو مطلع کیا جاتا ہے کہ میرا بیٹا میرے کنٹرول سے باہر ہے اور میں اس سے ہر قسم کی لاتعلقی کا اعلان کرتا ہوں اس کے کسی بھی لین دین کا میں ذمہ دار نہ ہوں گا۔
اشتہار نمبر
53
مسمی مذکور کو بذریعہ اشتہار ہذا مطلع کیا جاتا ہے کہ وہ بتاریخ مقررہ کو بوقت دس بجے دن بمقام عدالت ہذا حاضر ہو کر جواب دعوی دائر کرے بصورت دیگر کارروائی یکطرفہ عمل میں لائی جائے گی۔ آج بتاریخ میرے دستخط اور مہر عدالت سے جاری ہوا۔ سائل نے درخواست دی ہے کہ اس کا شناختی کارڈ گم ہو گیا ہے جس کا نمبر درج ذیل ہے اگر کسی کو ملے تو متعلقہ تھانہ یا دفتر میں جمع کرائے۔ عوام الناس کو مطلع کیا جاتا ہے کہ میرا بیٹا میرے کنٹرول سے باہر ہے اور میں اس سے ہر قسم کی لاتعلقی کا اعلان کرتا ہوں اس کے کسی بھی لین دین کا میں ذمہ دار نہ ہوں گا۔
اشتہار نمبر
54
مسمی مذکور کو بذریعہ اشتہار ہذا مطلع کیا جاتا ہے کہ وہ بتاریخ مقررہ کو بوقت دس بجے دن بمقام عدالت ہذا حاضر ہو کر جواب دعوی دائر کرے بصورت دیگر کارروائی یکطرفہ عمل میں لائی جائے گی۔ آج بتاریخ میرے دستخط اور مہر عدالت سے جاری ہوا۔ سائل نے درخواست دی ہے کہ اس کا شناختی کارڈ گم ہو گیا ہے جس کا نمبر درج ذیل ہے اگر کسی کو ملے تو متعلقہ تھانہ یا دفتر میں جمع کرائے۔ عوام الناس کو مطلع کیا جاتا ہے کہ میرا بیٹا میرے کنٹرول سے باہر ہے اور میں اس سے ہر قسم کی لاتعلقی کا اعلان کرتا ہوں اس کے کسی بھی لین دین کا میں ذمہ دار نہ ہوں گا۔
اشتہار نمبر
55
مسمی مذکور کو بذریعہ اشتہار ہذا مطلع کیا جاتا ہے کہ وہ بتاریخ مقررہ کو بوقت دس بجے دن بمقام عدالت ہذا حاضر ہو کر جواب دعوی دائر کرے بصورت دیگر کارروائی یکطرفہ عمل میں لائی جائے گی۔ آج بتاریخ میرے دستخط اور مہر عدالت سے جاری ہوا۔ سائل نے درخواست دی ہے کہ اس کا شناختی کارڈ گم ہو گیا ہے جس کا نمبر درج ذیل ہے اگر کسی کو ملے تو متعلقہ تھانہ یا دفتر میں جمع کرائے۔ عوام الناس کو مطلع کیا جاتا ہے کہ میرا بیٹا میرے کنٹرول سے باہر ہے اور میں اس سے ہر قسم کی لاتعلقی کا اعلان کرتا ہوں اس کے کسی بھی لین دین کا میں ذمہ دار نہ ہوں گا۔
اشتہار نمبر
56
مسمی مذکور کو بذریعہ اشتہار ہذا مطلع کیا جاتا ہے کہ وہ بتاریخ مقررہ کو بوقت دس بجے دن بمقام عدالت ہذا حاضر ہو کر جواب دعوی دائر کرے بصورت دیگر کارروائی یکطرفہ عمل میں لائی جائے گی۔ آج بتاریخ میرے دستخط اور مہر عدالت سے جاری ہوا۔ سائل نے درخواست دی ہے کہ اس کا شناختی کارڈ گم ہو گیا ہے جس کا نمبر درج ذیل ہے اگر کسی کو ملے تو متعلقہ تھانہ یا دفتر میں جمع کرائے۔ عوام الناس کو مطلع کیا جاتا ہے کہ میرا بیٹا میرے کنٹرول سے باہر ہے اور میں اس سے ہر قسم کی لاتعلقی کا اعلان کرتا ہوں اس کے کسی بھی لین دین کا میں ذمہ دار نہ ہوں گا۔
اشتہار نمبر
57
مسمی مذکور کو بذریعہ اشتہار ہذا مطلع کیا جاتا ہے کہ وہ بتاریخ مقررہ کو بوقت دس بجے دن بمقام عدالت ہذا حاضر ہو کر جواب دعوی دائر کرے بصورت دیگر کارروائی یکطرفہ عمل میں لائی جائے گی۔ آج بتاریخ میرے دستخط اور مہر عدالت سے جاری ہوا۔ سائل نے درخواست دی ہے کہ اس کا شناختی کارڈ گم ہو گیا ہے جس کا نمبر درج ذیل ہے اگر کسی کو ملے تو متعلقہ تھانہ یا دفتر میں جمع کرائے۔ عوام الناس کو مطلع کیا جاتا ہے کہ میرا بیٹا میرے کنٹرول سے باہر ہے اور میں اس سے ہر قسم کی لاتعلقی کا اعلان کرتا ہوں اس کے کسی بھی لین دین کا میں ذمہ دار نہ ہوں گا۔
اطلاع عام
مسمی مذکور کو بذریعہ اشتہار ہذا مطلع کیا جاتا ہے کہ وہ بتاریخ مقررہ کو بوقت دس بجے دن بمقام عدالت ہذا حاضر ہو کر جواب دعوی دائر کرے بصورت دیگر کارروائی یکطرفہ عمل میں لائی جائے گی۔ آج بتاریخ میرے دستخط اور مہر عدالت سے جاری ہوا۔ سائل نے درخواست دی ہے کہ اس کا شناختی کارڈ گم ہو گیا ہے جس کا نمبر درج ذیل ہے اگر کسی کو ملے تو متعلقہ تھانہ یا دفتر میں جمع کرائے۔ عوام الناس کو مطلع کیا جاتا ہے کہ میرا بیٹا میرے کنٹرول سے باہر ہے اور میں اس سے ہر قسم کی لاتعلقی کا اعلان کرتا ہوں اس کے کسی بھی لین دین کا میں ذمہ دار نہ ہوں گا۔
اطلاع عام
مسمی مذکور کو بذریعہ اشتہار ہذا مطلع کیا جاتا ہے کہ وہ بتاریخ مقررہ کو بوقت دس بجے دن بمقام عدالت ہذا حاضر ہو کر جواب دعوی دائر کرے بصورت دیگر کارروائی یکطرفہ عمل میں لائی جائے گی۔ آج بتاریخ میرے دستخط اور مہر عدالت سے جاری ہوا۔ سائل نے درخواست دی ہے کہ اس کا شناختی کارڈ گم ہو گیا ہے جس کا نمبر درج ذیل ہے اگر کسی کو ملے تو متعلقہ تھانہ یا دفتر میں جمع کرائے۔ عوام الناس کو مطلع کیا جاتا ہے کہ میرا بیٹا میرے کنٹرول سے باہر ہے اور میں اس سے ہر قسم کی لاتعلقی کا اعلان کرتا ہوں اس کے کسی بھی لین دین کا میں ذمہ دار نہ ہوں گا۔
اعلان لاتعلقی
مسمی مذکور کو بذریعہ اشتہار ہذا مطلع کیا جاتا ہے کہ وہ بتاریخ مقررہ کو بوقت دس بجے دن بمقام عدالت ہذا حاضر ہو کر جواب دعوی دائر کرے بصورت دیگر کارروائی یکطرفہ عمل میں لائی جائے گی۔ آج بتاریخ میرے دستخط اور مہر عدالت سے جاری ہوا۔ سائل نے درخواست دی ہے کہ اس کا شناختی کارڈ گم ہو گیا ہے جس کا نمبر درج ذیل ہے اگر کسی کو ملے تو متعلقہ تھانہ یا دفتر میں جمع کرائے۔ عوام الناس کو مطلع کیا جاتا ہے کہ میرا بیٹا میرے کنٹرول سے باہر ہے اور میں اس سے ہر قسم کی لاتعلقی کا اعلان کرتا ہوں اس کے کسی بھی لین دین کا میں ذمہ دار نہ ہوں گا۔
تبدیلی نام
مسمی مذکور کو بذریعہ اشتہار ہذا مطلع کیا جاتا ہے کہ وہ بتاریخ مقررہ کو بوقت دس بجے دن بمقام عدالت ہذا حاضر ہو کر جواب دعوی دائر کرے بصورت دیگر کارروائی یکطرفہ عمل میں لائی جائے گی۔ آج بتاریخ میرے دستخط اور مہر عدالت سے جاری ہوا۔ سائل نے درخواست دی ہے کہ اس کا شناختی کارڈ گم ہو گیا ہے جس کا نمبر درج ذیل ہے اگر کسی کو ملے تو متعلقہ تھانہ یا دفتر میں جمع کرائے۔ عوام الناس کو مطلع کیا جاتا ہے کہ میرا بیٹا میرے کنٹرول سے باہر ہے اور میں اس سے ہر قسم کی لاتعلقی کا اعلان کرتا ہوں اس کے کسی بھی لین دین کا میں ذمہ دار نہ ہوں گا۔
اعلان لاتعلقی
مسمی مذکور کو بذریعہ اشتہار ہذا مطلع کیا جاتا ہے کہ وہ بتاریخ مقررہ کو بوقت دس بجے دن بمقام عدالت ہذا حاضر ہو کر جواب دعوی دائر کرے بصورت دیگر کارروائی یکطرفہ عمل میں لائی جائے گی۔ آج بتاریخ میرے دستخط اور مہر عدالت سے جاری ہوا۔ سائل نے درخواست دی ہے کہ اس کا شناختی کارڈ گم ہو گیا ہے جس کا نمبر درج ذیل ہے اگر کسی کو ملے تو متعلقہ تھانہ یا دفتر میں جمع کرائے۔ عوام الناس کو مطلع کیا جاتا ہے کہ میرا بیٹا میرے کنٹرول سے باہر ہے اور میں اس سے ہر قسم کی لاتعلقی کا اعلان کرتا ہوں اس کے کسی بھی لین دین کا میں ذمہ دار نہ ہوں گا۔
اشتہار نمبر
58
مسمی مذکور کو بذریعہ اشتہار ہذا مطلع کیا جاتا ہے کہ وہ بتاریخ مقررہ کو بوقت دس بجے دن بمقام عدالت ہذا حاضر ہو کر جواب دعوی دائر کرے بصورت دیگر کارروائی یکطرفہ عمل میں لائی جائے گی۔ آج بتاریخ میرے دستخط اور مہر عدالت سے جاری ہوا۔ سائل نے درخواست دی ہے کہ اس کا شناختی کارڈ گم ہو گیا ہے جس کا نمبر درج ذیل ہے اگر کسی کو ملے تو متعلقہ تھانہ یا دفتر میں جمع کرائے۔ عوام الناس کو مطلع کیا جاتا ہے کہ میرا بیٹا میرے کنٹرول سے باہر ہے اور میں اس سے ہر قسم کی لاتعلقی کا اعلان کرتا ہوں اس کے کسی بھی لین دین کا میں ذمہ دار نہ ہوں گا۔
اشتہار نمبر
59
مسمی مذکور کو بذریعہ اشتہار ہذا مطلع کیا جاتا ہے کہ وہ بتاریخ مقررہ کو بوقت دس بجے دن بمقام عدالت ہذا حاضر ہو کر جواب دعوی دائر کرے بصورت دیگر کارروائی یکطرفہ عمل میں لائی جائے گی۔ آج بتاریخ میرے دستخط اور مہر عدالت سے جاری ہوا۔ سائل نے درخواست دی ہے کہ اس کا شناختی کارڈ گم ہو گیا ہے جس کا نمبر درج ذیل ہے اگر کسی کو ملے تو متعلقہ تھانہ یا دفتر میں جمع کرائے۔ عوام الناس کو مطلع کیا جاتا ہے کہ میرا بیٹا میرے کنٹرول سے باہر ہے اور میں اس سے ہر قسم کی لاتعلقی کا اعلان کرتا ہوں اس کے کسی بھی لین دین کا میں ذمہ دار نہ ہوں گا۔
اشتہار نمبر
60
مسمی مذکور کو بذریعہ اشتہار ہذا مطلع کیا جاتا ہے کہ وہ بتاریخ مقررہ کو بوقت دس بجے دن بمقام عدالت ہذا حاضر ہو کر جواب دعوی دائر کرے بصورت دیگر کارروائی یکطرفہ عمل میں لائی جائے گی۔ آج بتاریخ میرے دستخط اور مہر عدالت سے جاری ہوا۔ سائل نے درخواست دی ہے کہ اس کا شناختی کارڈ گم ہو گیا ہے جس کا نمبر درج ذیل ہے اگر کسی کو ملے تو متعلقہ تھانہ یا دفتر میں جمع کرائے۔ عوام الناس کو مطلع کیا جاتا ہے کہ میرا بیٹا میرے کنٹرول سے باہر ہے اور میں اس سے ہر قسم کی لاتعلقی کا اعلان کرتا ہوں اس کے کسی بھی لین دین کا میں ذمہ دار نہ ہوں گا۔
اشتہار نمبر
61
مسمی مذکور کو بذریعہ اشتہار ہذا مطلع کیا جاتا ہے کہ وہ بتاریخ مقررہ کو بوقت دس بجے دن بمقام عدالت ہذا حاضر ہو کر جواب دعوی دائر کرے بصورت دیگر کارروائی یکطرفہ عمل میں لائی جائے گی۔ آج بتاریخ میرے دستخط اور مہر عدالت سے جاری ہوا۔ سائل نے درخواست دی ہے کہ اس کا شناختی کارڈ گم ہو گیا ہے جس کا نمبر درج ذیل ہے اگر کسی کو ملے تو متعلقہ تھانہ یا دفتر میں جمع کرائے۔ عوام الناس کو مطلع کیا جاتا ہے کہ میرا بیٹا میرے کنٹرول سے باہر ہے اور میں اس سے ہر قسم کی لاتعلقی کا اعلان کرتا ہوں اس کے کسی بھی لین دین کا میں ذمہ دار نہ ہوں گا۔
اشتہار نمبر
62
مسمی مذکور کو بذریعہ اشتہار ہذا مطلع کیا جاتا ہے کہ وہ بتاریخ مقررہ کو بوقت دس بجے دن بمقام عدالت ہذا حاضر ہو کر جواب دعوی دائر کرے بصورت دیگر کارروائی یکطرفہ عمل میں لائی جائے گی۔ آج بتاریخ میرے دستخط اور مہر عدالت سے جاری ہوا۔ سائل نے درخواست دی ہے کہ اس کا شناختی کارڈ گم ہو گیا ہے جس کا نمبر درج ذیل ہے اگر کسی کو ملے تو متعلقہ تھانہ یا دفتر میں جمع کرائے۔ عوام الناس کو مطلع کیا جاتا ہے کہ میرا بیٹا میرے کنٹرول سے باہر ہے اور میں اس سے ہر قسم کی لاتعلقی کا اعلان کرتا ہوں اس کے کسی بھی لین دین کا میں ذمہ دار نہ ہوں گا۔
اشتہار نمبر
63
مسمی مذکور کو بذریعہ اشتہار ہذا مطلع کیا جاتا ہے کہ وہ بتاریخ مقررہ کو بوقت دس بجے دن بمقام عدالت ہذا حاضر ہو کر جواب دعوی دائر کرے بصورت دیگر کارروائی یکطرفہ عمل میں لائی جائے گی۔ آج بتاریخ میرے دستخط اور مہر عدالت سے جاری ہوا۔ سائل نے درخواست دی ہے کہ اس کا شناختی کارڈ گم ہو گیا ہے جس کا نمبر درج ذیل ہے اگر کسی کو ملے تو متعلقہ تھانہ یا دفتر میں جمع کرائے۔ عوام الناس کو مطلع کیا جاتا ہے کہ میرا بیٹا میرے کنٹرول سے باہر ہے اور میں اس سے ہر قسم کی لاتعلقی کا اعلان کرتا ہوں اس کے کسی بھی لین دین کا میں ذمہ دار نہ ہوں گا۔
اشتہار نمبر
64
مسمی مذکور کو بذریعہ اشتہار ہذا مطلع کیا جاتا ہے کہ وہ بتاریخ مقررہ کو بوقت دس بجے دن بمقام عدالت ہذا حاضر ہو کر جواب دعوی دائر کرے بصورت دیگر کارروائی یکطرفہ عمل میں لائی جائے گی۔ آج بتاریخ میرے دستخط اور مہر عدالت سے جاری ہوا۔ سائل نے درخواست دی ہے کہ اس کا شناختی کارڈ گم ہو گیا ہے جس کا نمبر درج ذیل ہے اگر کسی کو ملے تو متعلقہ تھانہ یا دفتر میں جمع کرائے۔ عوام الناس کو مطلع کیا جاتا ہے کہ میرا بیٹا میرے کنٹرول سے باہر ہے اور میں اس سے ہر قسم کی لاتعلقی کا اعلان کرتا ہوں اس کے کسی بھی لین دین کا میں ذمہ دار نہ ہوں گا۔
اشتہار نمبر
65
مسمی مذکور کو بذریعہ اشتہار ہذا مطلع کیا جاتا ہے کہ وہ بتاریخ مقررہ کو بوقت دس بجے دن بمقام عدالت ہذا حاضر ہو کر جواب دعوی دائر کرے بصورت دیگر کارروائی یکطرفہ عمل میں لائی جائے گی۔ آج بتاریخ میرے دستخط اور مہر عدالت سے جاری ہوا۔ سائل نے درخواست دی ہے کہ اس کا شناختی کارڈ گم ہو گیا ہے جس کا نمبر درج ذیل ہے اگر کسی کو ملے تو متعلقہ تھانہ یا دفتر میں جمع کرائے۔ عوام الناس کو مطلع کیا جاتا ہے کہ میرا بیٹا میرے کنٹرول سے باہر ہے اور میں اس سے ہر قسم کی لاتعلقی کا اعلان کرتا ہوں اس کے کسی بھی لین دین کا میں ذمہ دار نہ ہوں گا۔
